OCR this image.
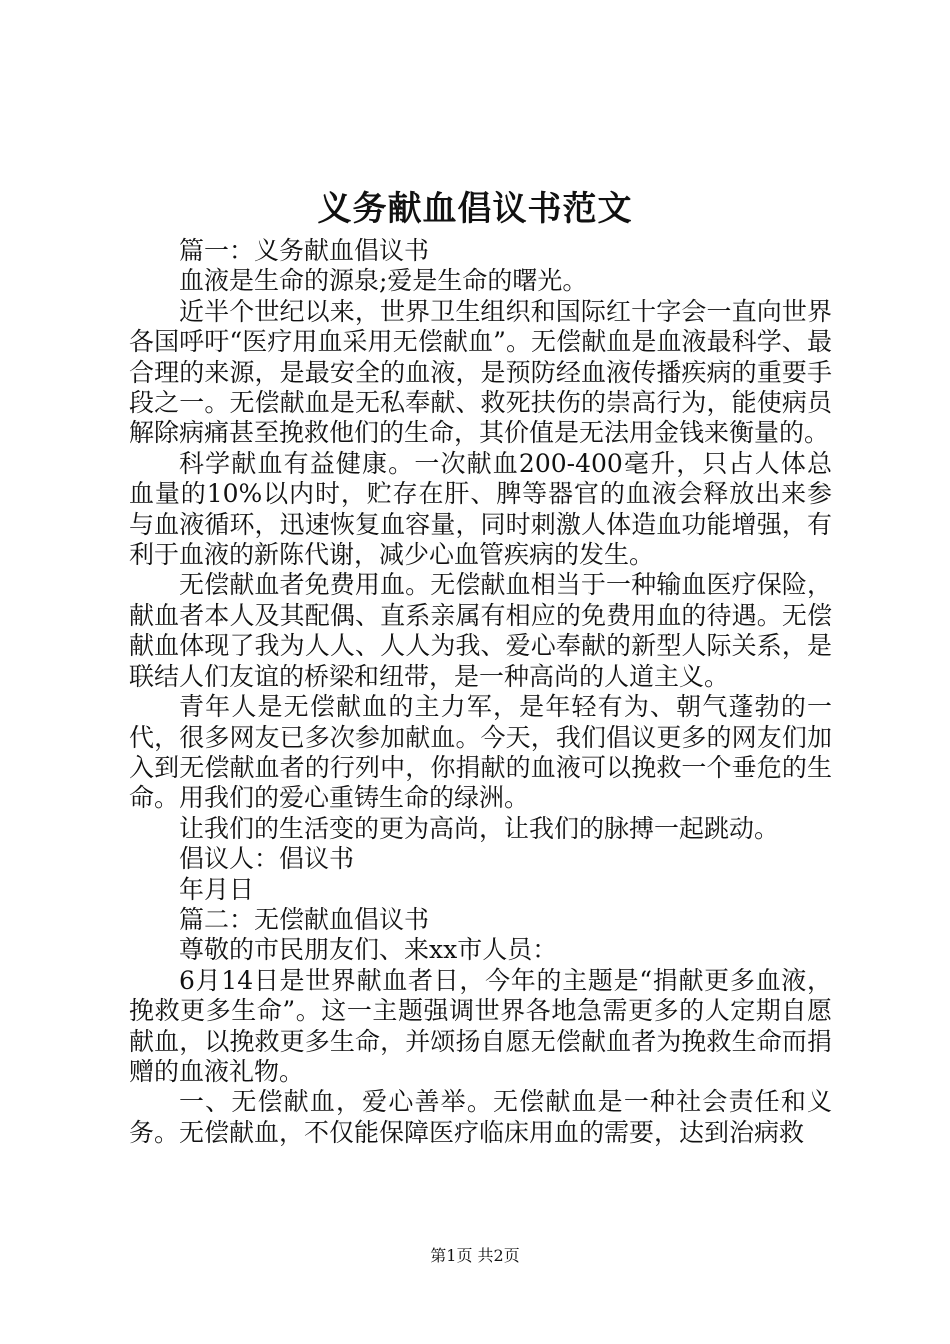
义务献血倡议书范文

篇一：义务献血倡议书

血液是生命的源泉;爱是生命的曙光。

近半个世纪以来，世界卫生组织和国际红十字会一直向世界各国呼吁“医疗用血采用无偿献血”。无偿献血是血液最科学、最合理的来源，是最安全的血液，是预防经血液传播疾病的重要手段之一。无偿献血是无私奉献、救死扶伤的崇高行为，能使病员解除病痛甚至挽救他们的生命，其价值是无法用金钱来衡量的。

科学献血有益健康。一次献血200-400毫升，只占人体总血量的10%以内时，贮存在肝、脾等器官的血液会释放出来参与血液循环，迅速恢复血容量，同时刺激人体造血功能增强，有利于血液的新陈代谢，减少心血管疾病的发生。

无偿献血者免费用血。无偿献血相当于一种输血医疗保险，献血者本人及其配偶、直系亲属有相应的免费用血的待遇。无偿献血体现了我为人人、人人为我、爱心奉献的新型人际关系，是联结人们友谊的桥梁和纽带，是一种高尚的人道主义。

青年人是无偿献血的主力军，是年轻有为、朝气蓬勃的一代，很多网友已多次参加献血。今天，我们倡议更多的网友们加入到无偿献血者的行列中，你捐献的血液可以挽救一个垂危的生命。用我们的爱心重铸生命的绿洲。

让我们的生活变的更为高尚，让我们的脉搏一起跳动。

倡议人：倡议书

年月日

篇二：无偿献血倡议书

尊敬的市民朋友们、来xx市人员：

6月14日是世界献血者日，今年的主题是“捐献更多血液，挽救更多生命”。这一主题强调世界各地急需更多的人定期自愿献血，以挽救更多生命，并颂扬自愿无偿献血者为挽救生命而捐赠的血液礼物。

一、无偿献血，爱心善举。无偿献血是一种社会责任和义务。无偿献血，不仅能保障医疗临床用血的需要，达到治病救

第1页 共2页
